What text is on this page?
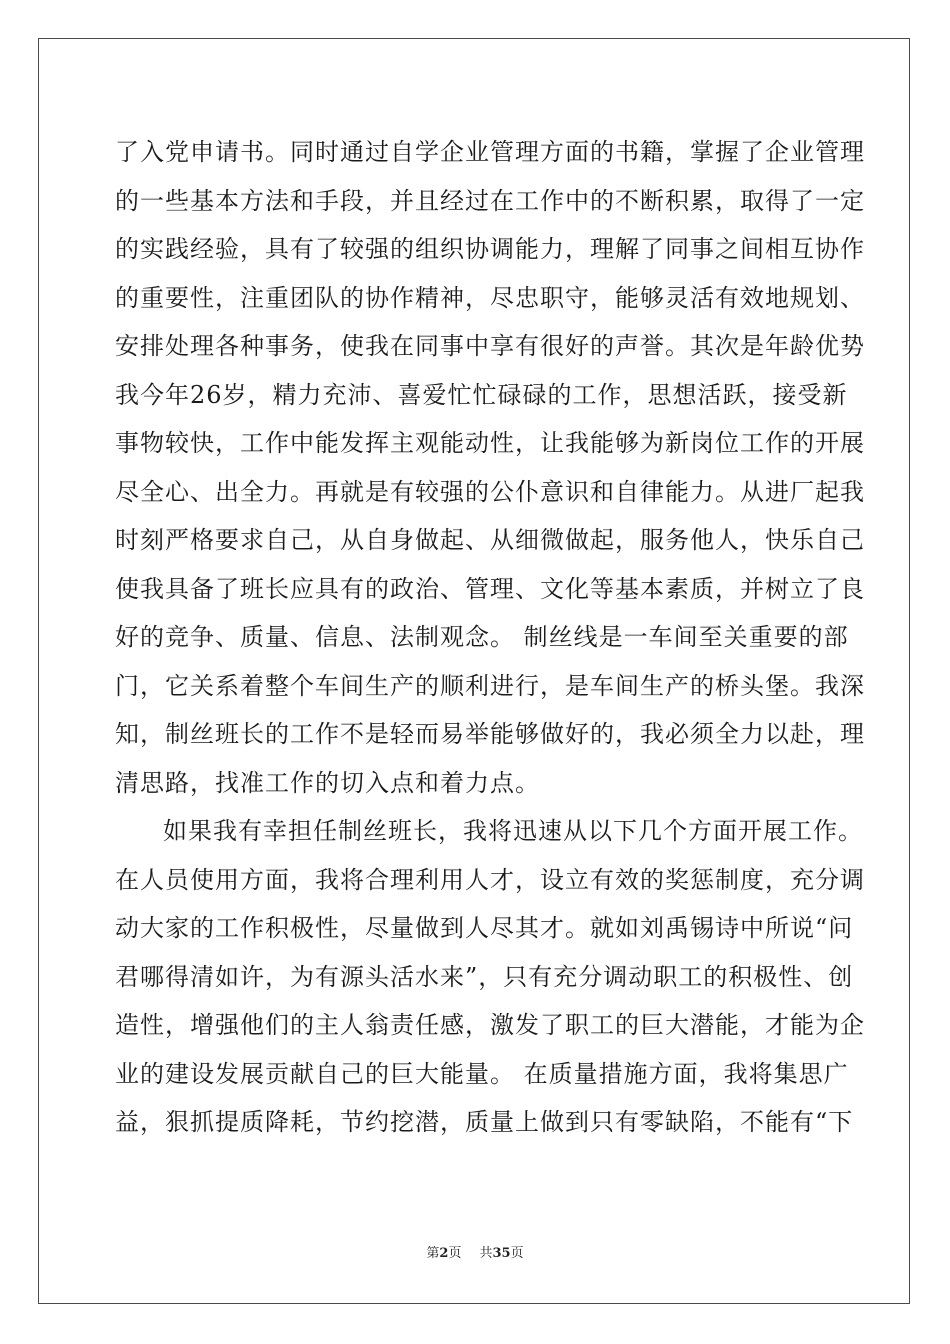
了入党申请书。同时通过自学企业管理方面的书籍，掌握了企业管理
的一些基本方法和手段，并且经过在工作中的不断积累，取得了一定
的实践经验，具有了较强的组织协调能力，理解了同事之间相互协作
的重要性，注重团队的协作精神，尽忠职守，能够灵活有效地规划、
安排处理各种事务，使我在同事中享有很好的声誉。其次是年龄优势
我今年26岁，精力充沛、喜爱忙忙碌碌的工作，思想活跃，接受新
事物较快，工作中能发挥主观能动性，让我能够为新岗位工作的开展
尽全心、出全力。再就是有较强的公仆意识和自律能力。从进厂起我
时刻严格要求自己，从自身做起、从细微做起，服务他人，快乐自己
使我具备了班长应具有的政治、管理、文化等基本素质，并树立了良
好的竞争、质量、信息、法制观念。 制丝线是一车间至关重要的部
门，它关系着整个车间生产的顺利进行，是车间生产的桥头堡。我深
知，制丝班长的工作不是轻而易举能够做好的，我必须全力以赴，理
清思路，找准工作的切入点和着力点。
如果我有幸担任制丝班长，我将迅速从以下几个方面开展工作。
在人员使用方面，我将合理利用人才，设立有效的奖惩制度，充分调
动大家的工作积极性，尽量做到人尽其才。就如刘禹锡诗中所说“问
君哪得清如许，为有源头活水来”，只有充分调动职工的积极性、创
造性，增强他们的主人翁责任感，激发了职工的巨大潜能，才能为企
业的建设发展贡献自己的巨大能量。 在质量措施方面，我将集思广
益，狠抓提质降耗，节约挖潜，质量上做到只有零缺陷，不能有“下
第2页 共35页
